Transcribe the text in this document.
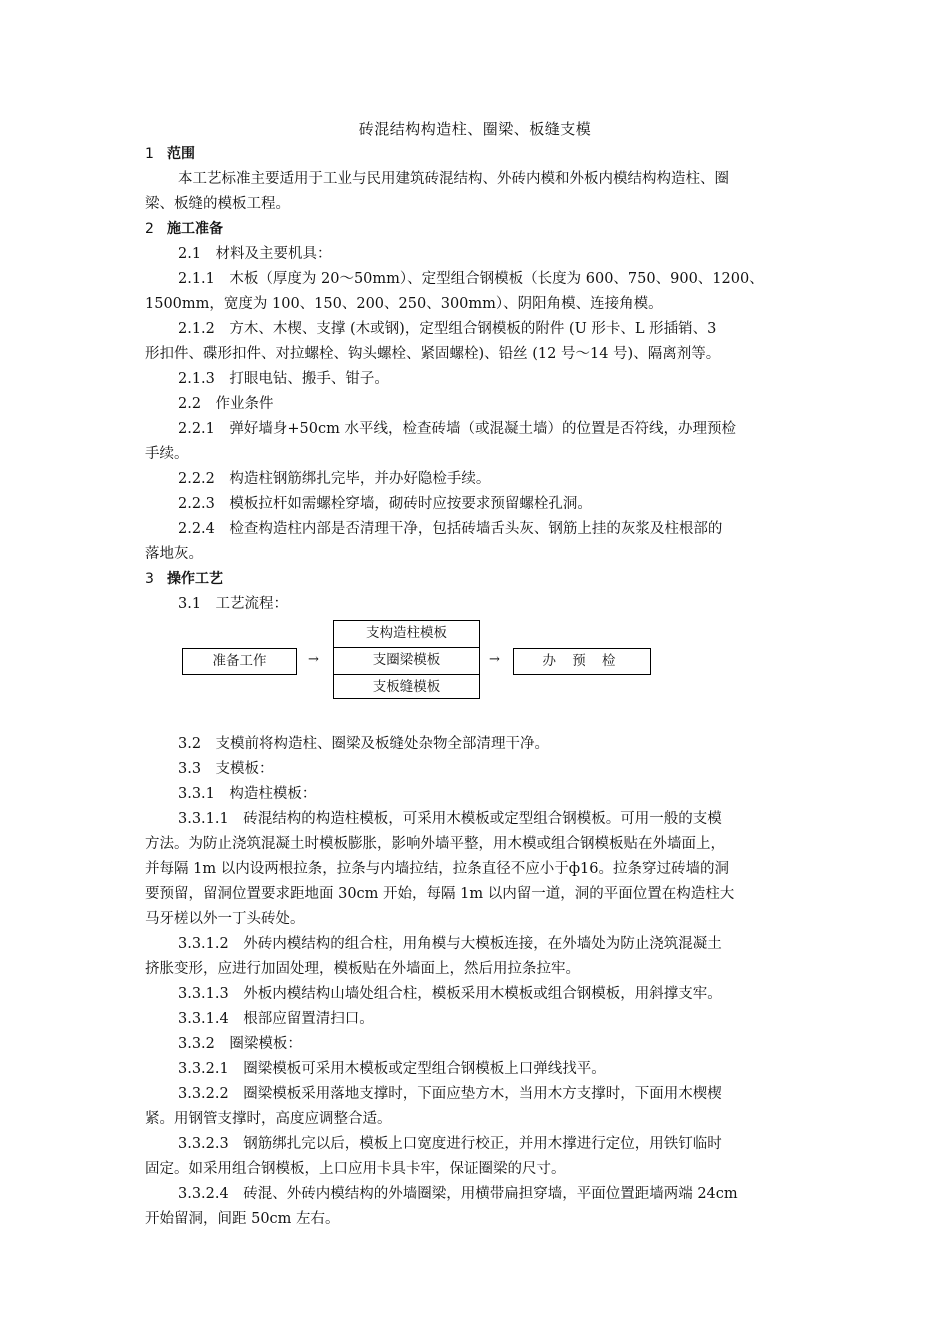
砖混结构构造柱、圈梁、板缝支模
1 范围
本工艺标准主要适用于工业与民用建筑砖混结构、外砖内模和外板内模结构构造柱、圈
梁、板缝的模板工程。
2 施工准备
2.1　材料及主要机具：
2.1.1　木板（厚度为 20～50mm）、定型组合钢模板（长度为 600、750、900、1200、
1500mm，宽度为 100、150、200、250、300mm）、阴阳角模、连接角模。
2.1.2　方木、木楔、支撑 (木或钢)，定型组合钢模板的附件 (U 形卡、L 形插销、3
形扣件、碟形扣件、对拉螺栓、钩头螺栓、紧固螺栓)、铅丝 (12 号～14 号)、隔离剂等。
2.1.3　打眼电钻、搬手、钳子。
2.2　作业条件
2.2.1　弹好墙身+50cm 水平线，检查砖墙（或混凝土墙）的位置是否符线，办理预检
手续。
2.2.2　构造柱钢筋绑扎完毕，并办好隐检手续。
2.2.3　模板拉杆如需螺栓穿墙，砌砖时应按要求预留螺栓孔洞。
2.2.4　检查构造柱内部是否清理干净，包括砖墙舌头灰、钢筋上挂的灰浆及柱根部的
落地灰。
3 操作工艺
3.1　工艺流程：
准备工作	→
支构造柱模板
支圈梁模板
支板缝模板
→	办 预 检
3.2　支模前将构造柱、圈梁及板缝处杂物全部清理干净。
3.3　支模板：
3.3.1　构造柱模板：
3.3.1.1　砖混结构的构造柱模板，可采用木模板或定型组合钢模板。可用一般的支模
方法。为防止浇筑混凝土时模板膨胀，影响外墙平整，用木模或组合钢模板贴在外墙面上，
并每隔 1m 以内设两根拉条，拉条与内墙拉结，拉条直径不应小于ф16。拉条穿过砖墙的洞
要预留，留洞位置要求距地面 30cm 开始，每隔 1m 以内留一道，洞的平面位置在构造柱大
马牙槎以外一丁头砖处。
3.3.1.2　外砖内模结构的组合柱，用角模与大模板连接，在外墙处为防止浇筑混凝土
挤胀变形，应进行加固处理，模板贴在外墙面上，然后用拉条拉牢。
3.3.1.3　外板内模结构山墙处组合柱，模板采用木模板或组合钢模板，用斜撑支牢。
3.3.1.4　根部应留置清扫口。
3.3.2　圈梁模板：
3.3.2.1　圈梁模板可采用木模板或定型组合钢模板上口弹线找平。
3.3.2.2　圈梁模板采用落地支撑时，下面应垫方木，当用木方支撑时，下面用木楔楔
紧。用钢管支撑时，高度应调整合适。
3.3.2.3　钢筋绑扎完以后，模板上口宽度进行校正，并用木撑进行定位，用铁钉临时
固定。如采用组合钢模板，上口应用卡具卡牢，保证圈梁的尺寸。
3.3.2.4　砖混、外砖内模结构的外墙圈梁，用横带扁担穿墙，平面位置距墙两端 24cm
开始留洞，间距 50cm 左右。
